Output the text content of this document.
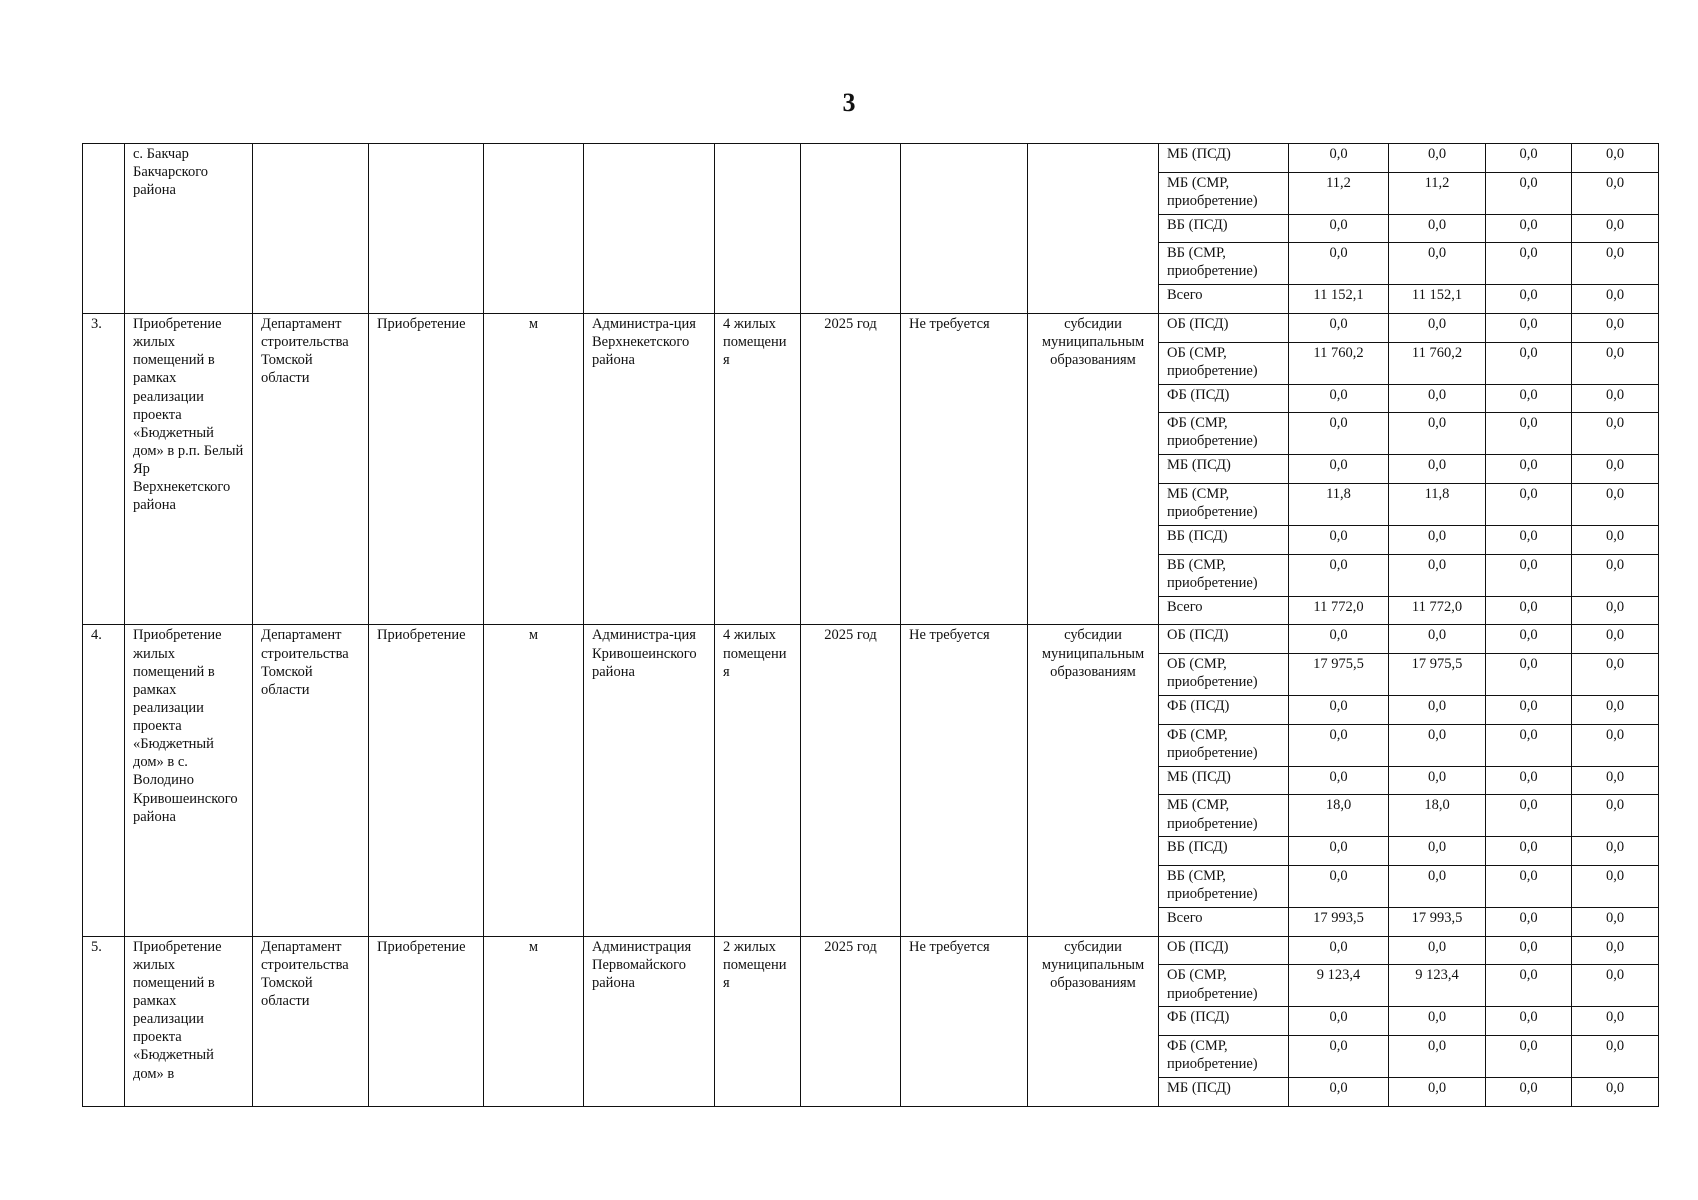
3
	с. Бакчар Бакчарского района									МБ (ПСД)	0,0	0,0	0,0	0,0
										МБ (СМР, приобретение)	11,2	11,2	0,0	0,0
										ВБ (ПСД)	0,0	0,0	0,0	0,0
										ВБ (СМР, приобретение)	0,0	0,0	0,0	0,0
										Всего	11 152,1	11 152,1	0,0	0,0
3.	Приобретение жилых помещений в рамках реализации проекта «Бюджетный дом» в р.п. Белый Яр Верхнекетского района	Департамент строительства Томской области	Приобретение	м	Администра-ция Верхнекетского района	4 жилых помещения	2025 год	Не требуется	субсидии муниципальным образованиям	ОБ (ПСД)	0,0	0,0	0,0	0,0
										ОБ (СМР, приобретение)	11 760,2	11 760,2	0,0	0,0
										ФБ (ПСД)	0,0	0,0	0,0	0,0
										ФБ (СМР, приобретение)	0,0	0,0	0,0	0,0
										МБ (ПСД)	0,0	0,0	0,0	0,0
										МБ (СМР, приобретение)	11,8	11,8	0,0	0,0
										ВБ (ПСД)	0,0	0,0	0,0	0,0
										ВБ (СМР, приобретение)	0,0	0,0	0,0	0,0
										Всего	11 772,0	11 772,0	0,0	0,0
4.	Приобретение жилых помещений в рамках реализации проекта «Бюджетный дом» в с. Володино Кривошеинского района	Департамент строительства Томской области	Приобретение	м	Администра-ция Кривошеинского района	4 жилых помещения	2025 год	Не требуется	субсидии муниципальным образованиям	ОБ (ПСД)	0,0	0,0	0,0	0,0
										ОБ (СМР, приобретение)	17 975,5	17 975,5	0,0	0,0
										ФБ (ПСД)	0,0	0,0	0,0	0,0
										ФБ (СМР, приобретение)	0,0	0,0	0,0	0,0
										МБ (ПСД)	0,0	0,0	0,0	0,0
										МБ (СМР, приобретение)	18,0	18,0	0,0	0,0
										ВБ (ПСД)	0,0	0,0	0,0	0,0
										ВБ (СМР, приобретение)	0,0	0,0	0,0	0,0
										Всего	17 993,5	17 993,5	0,0	0,0
5.	Приобретение жилых помещений в рамках реализации проекта «Бюджетный дом» в	Департамент строительства Томской области	Приобретение	м	Администрация Первомайского района	2 жилых помещения	2025 год	Не требуется	субсидии муниципальным образованиям	ОБ (ПСД)	0,0	0,0	0,0	0,0
										ОБ (СМР, приобретение)	9 123,4	9 123,4	0,0	0,0
										ФБ (ПСД)	0,0	0,0	0,0	0,0
										ФБ (СМР, приобретение)	0,0	0,0	0,0	0,0
										МБ (ПСД)	0,0	0,0	0,0	0,0
